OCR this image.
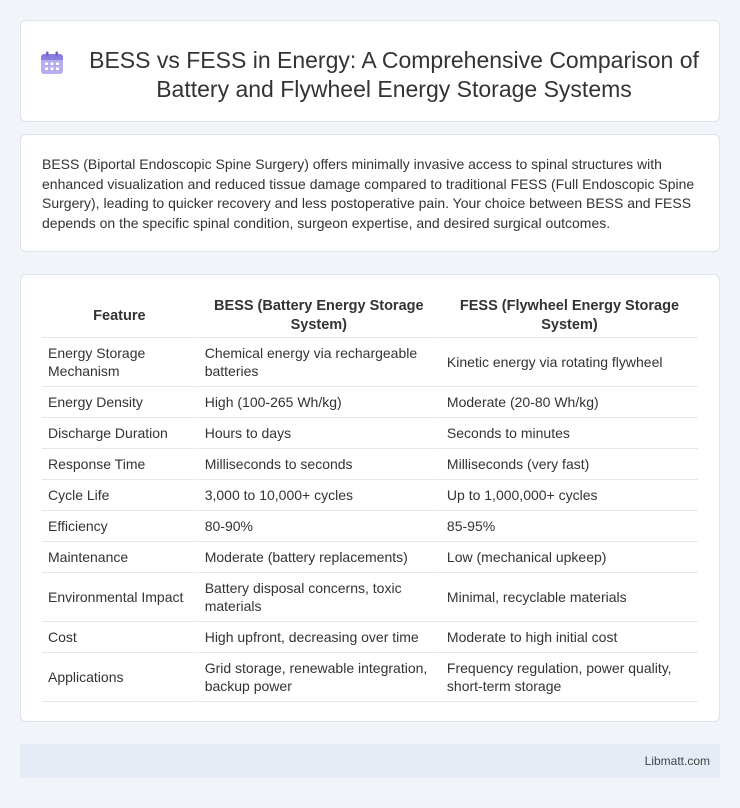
BESS vs FESS in Energy: A Comprehensive Comparison of Battery and Flywheel Energy Storage Systems

BESS (Biportal Endoscopic Spine Surgery) offers minimally invasive access to spinal structures with enhanced visualization and reduced tissue damage compared to traditional FESS (Full Endoscopic Spine Surgery), leading to quicker recovery and less postoperative pain. Your choice between BESS and FESS depends on the specific spinal condition, surgeon expertise, and desired surgical outcomes.

Feature	BESS (Battery Energy Storage System)	FESS (Flywheel Energy Storage System)
Energy Storage Mechanism	Chemical energy via rechargeable batteries	Kinetic energy via rotating flywheel
Energy Density	High (100-265 Wh/kg)	Moderate (20-80 Wh/kg)
Discharge Duration	Hours to days	Seconds to minutes
Response Time	Milliseconds to seconds	Milliseconds (very fast)
Cycle Life	3,000 to 10,000+ cycles	Up to 1,000,000+ cycles
Efficiency	80-90%	85-95%
Maintenance	Moderate (battery replacements)	Low (mechanical upkeep)
Environmental Impact	Battery disposal concerns, toxic materials	Minimal, recyclable materials
Cost	High upfront, decreasing over time	Moderate to high initial cost
Applications	Grid storage, renewable integration, backup power	Frequency regulation, power quality, short-term storage
Libmatt.com
